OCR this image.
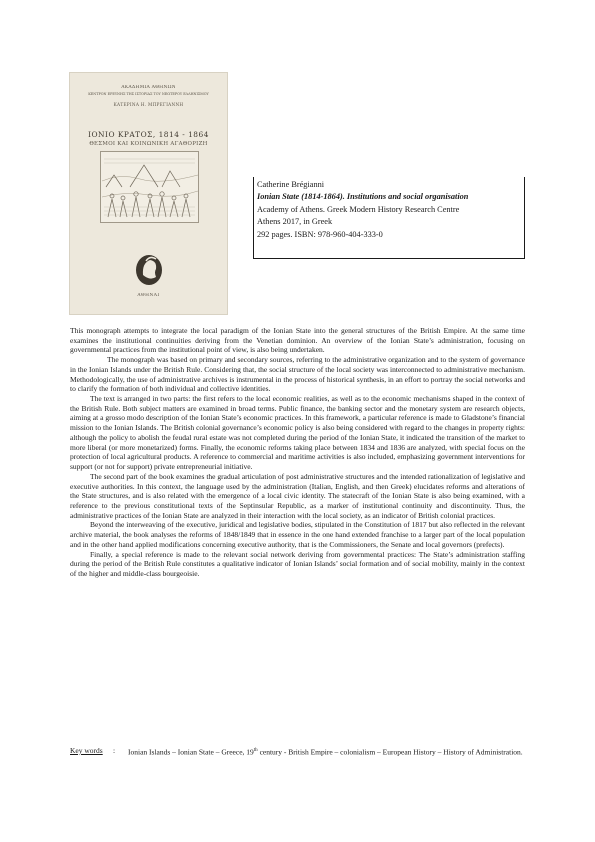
ΑΚΑΔΗΜΙΑ ΑΘΗΝΩΝ
ΚΕΝΤΡΟΝ ΕΡΕΥΝΗΣ ΤΗΣ ΙΣΤΟΡΙΑΣ ΤΟΥ ΝΕΩΤΕΡΟΥ ΕΛΛΗΝΙΣΜΟΥ
ΚΑΤΕΡΙΝΑ Η. ΜΠΡΕΓΙΑΝΝΗ
ΙΟΝΙΟ ΚΡΑΤΟΣ, 1814 - 1864
ΘΕΣΜΟΙ ΚΑΙ ΚΟΙΝΩΝΙΚΗ ΑΓΑΘΟΡΙΖΗ
ΑΘΗΝΑΙ
Catherine Brégianni
Ionian State (1814-1864). Institutions and social organisation
Academy of Athens. Greek Modern History Research Centre
Athens 2017, in Greek
292 pages. ISBN: 978-960-404-333-0

This monograph attempts to integrate the local paradigm of the Ionian State into the general structures of the British Empire. At the same time examines the institutional continuities deriving from the Venetian dominion. An overview of the Ionian State’s administration, focusing on governmental practices from the institutional point of view, is also being undertaken.

The monograph was based on primary and secondary sources, referring to the administrative organization and to the system of governance in the Ionian Islands under the British Rule. Considering that, the social structure of the local society was interconnected to administrative mechanism. Methodologically, the use of administrative archives is instrumental in the process of historical synthesis, in an effort to portray the social networks and to clarify the formation of both individual and collective identities.

The text is arranged in two parts: the first refers to the local economic realities, as well as to the economic mechanisms shaped in the context of the British Rule. Both subject matters are examined in broad terms. Public finance, the banking sector and the monetary system are research objects, aiming at a grosso modo description of the Ionian State’s economic practices. In this framework, a particular reference is made to Gladstone’s financial mission to the Ionian Islands. The British colonial governance’s economic policy is also being considered with regard to the changes in property rights: although the policy to abolish the feudal rural estate was not completed during the period of the Ionian State, it indicated the transition of the market to more liberal (or more monetarized) forms. Finally, the economic reforms taking place between 1834 and 1836 are analyzed, with special focus on the protection of local agricultural products. A reference to commercial and maritime activities is also included, emphasizing government interventions for support (or not for support) private entrepreneurial initiative.

The second part of the book examines the gradual articulation of post administrative structures and the intended rationalization of legislative and executive authorities. In this context, the language used by the administration (Italian, English, and then Greek) elucidates reforms and alterations of the State structures, and is also related with the emergence of a local civic identity. The statecraft of the Ionian State is also being examined, with a reference to the previous constitutional texts of the Septinsular Republic, as a marker of institutional continuity and discontinuity. Thus, the administrative practices of the Ionian State are analyzed in their interaction with the local society, as an indicator of British colonial practices.

Beyond the interweaving of the executive, juridical and legislative bodies, stipulated in the Constitution of 1817 but also reflected in the relevant archive material, the book analyses the reforms of 1848/1849 that in essence in the one hand extended franchise to a larger part of the local population and in the other hand applied modifications concerning executive authority, that is the Commissioners, the Senate and local governors (prefects).

Finally, a special reference is made to the relevant social network deriving from governmental practices: The State’s administration staffing during the period of the British Rule constitutes a qualitative indicator of Ionian Islands’ social formation and of social mobility, mainly in the context of the higher and middle-class bourgeoisie.

Key words : Ionian Islands – Ionian State – Greece, 19th century - British Empire – colonialism – European History – History of Administration.
